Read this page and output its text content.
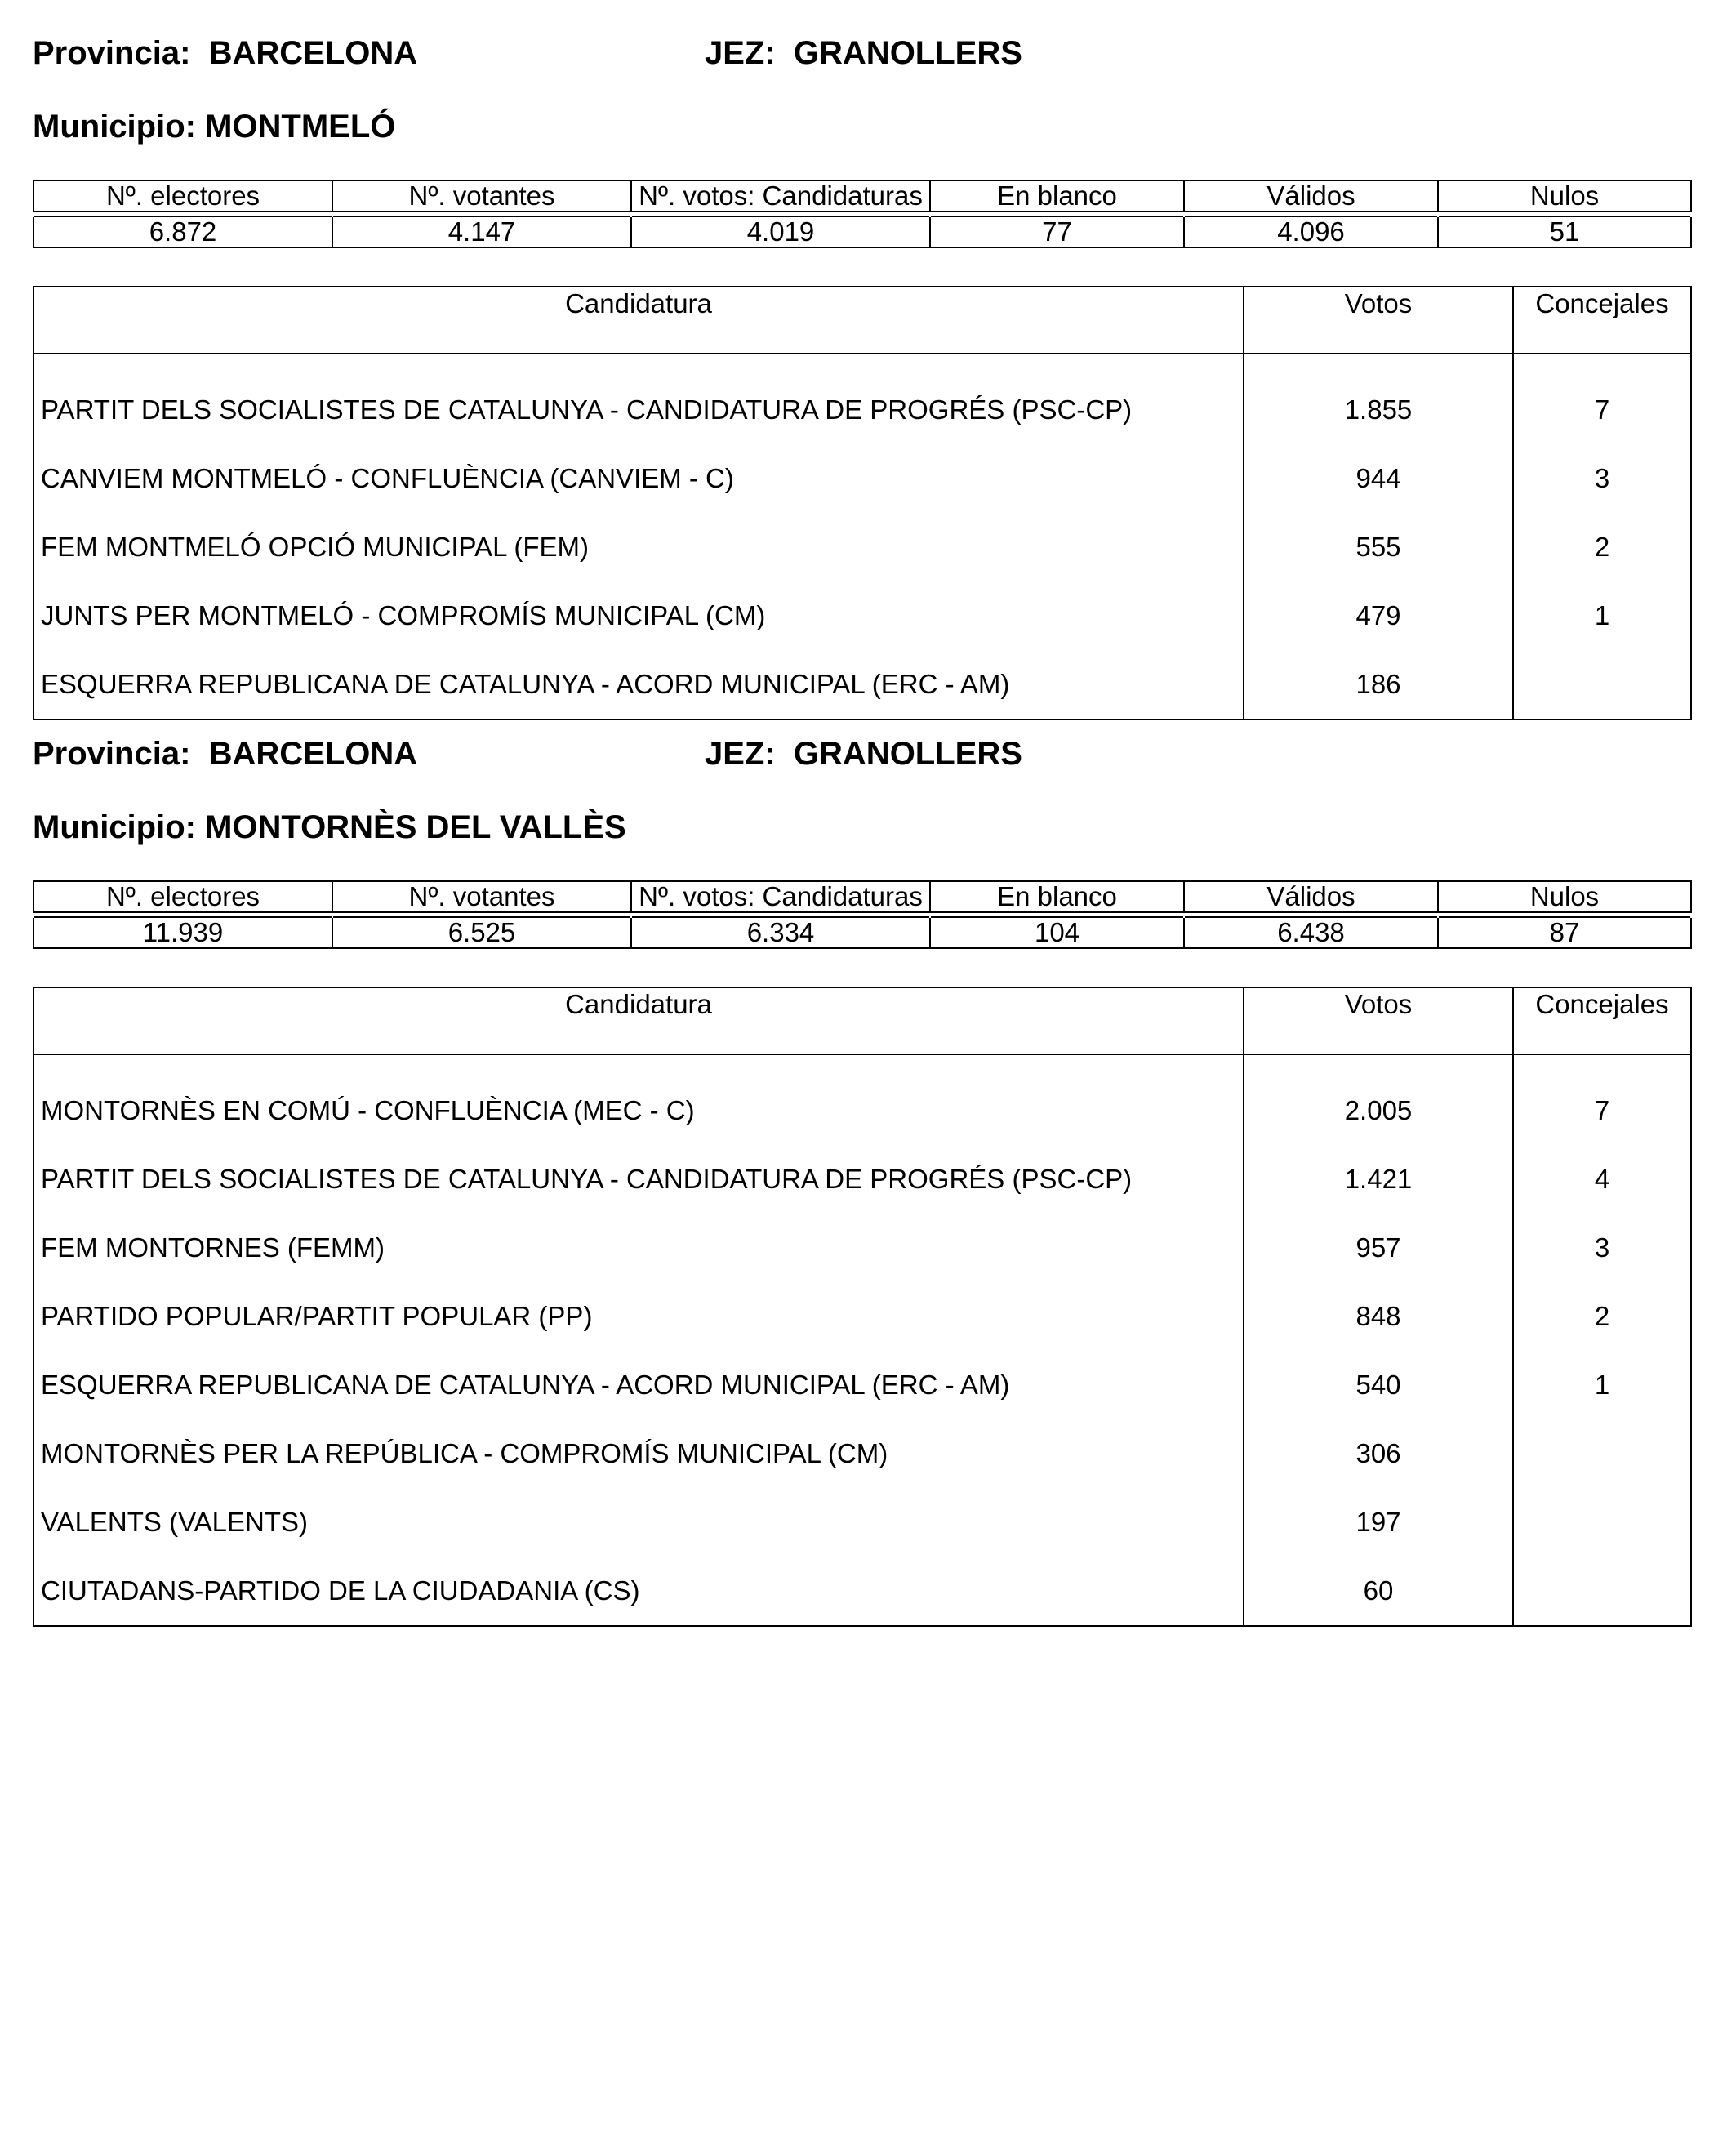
Provincia: BARCELONA	JEZ: GRANOLLERS
Municipio: MONTMELÓ
Nº. electores	Nº. votantes	Nº. votos: Candidaturas	En blanco	Válidos	Nulos

6.872	4.147	4.019	77	4.096	51
Candidatura	Votos	Concejales
PARTIT DELS SOCIALISTES DE CATALUNYA - CANDIDATURA DE PROGRÉS (PSC-CP)	1.855	7
CANVIEM MONTMELÓ - CONFLUÈNCIA (CANVIEM - C)	944	3
FEM MONTMELÓ OPCIÓ MUNICIPAL (FEM)	555	2
JUNTS PER MONTMELÓ - COMPROMÍS MUNICIPAL (CM)	479	1
ESQUERRA REPUBLICANA DE CATALUNYA - ACORD MUNICIPAL (ERC - AM)	186	
Provincia: BARCELONA	JEZ: GRANOLLERS
Municipio: MONTORNÈS DEL VALLÈS
Nº. electores	Nº. votantes	Nº. votos: Candidaturas	En blanco	Válidos	Nulos

11.939	6.525	6.334	104	6.438	87
Candidatura	Votos	Concejales
MONTORNÈS EN COMÚ - CONFLUÈNCIA (MEC - C)	2.005	7
PARTIT DELS SOCIALISTES DE CATALUNYA - CANDIDATURA DE PROGRÉS (PSC-CP)	1.421	4
FEM MONTORNES (FEMM)	957	3
PARTIDO POPULAR/PARTIT POPULAR (PP)	848	2
ESQUERRA REPUBLICANA DE CATALUNYA - ACORD MUNICIPAL (ERC - AM)	540	1
MONTORNÈS PER LA REPÚBLICA - COMPROMÍS MUNICIPAL (CM)	306	
VALENTS (VALENTS)	197	
CIUTADANS-PARTIDO DE LA CIUDADANIA (CS)	60	
